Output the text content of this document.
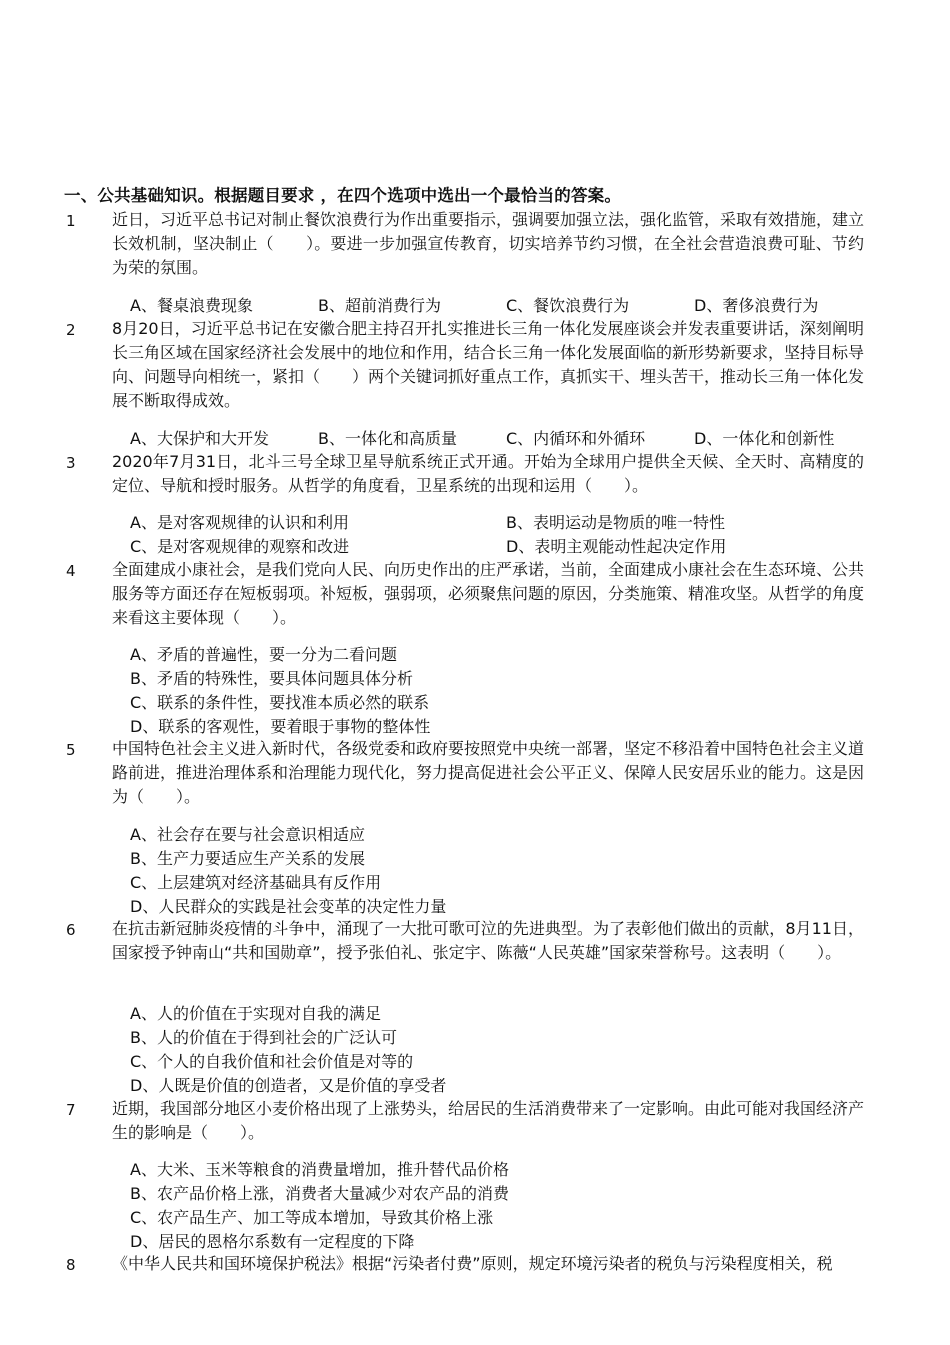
一、公共基础知识。根据题目要求 ，在四个选项中选出一个最恰当的答案。
1 近日，习近平总书记对制止餐饮浪费行为作出重要指示，强调要加强立法，强化监管，采取有效措施，建立长效机制，坚决制止（　　）。要进一步加强宣传教育，切实培养节约习惯，在全社会营造浪费可耻、节约为荣的氛围。
A、餐桌浪费现象	B、超前消费行为	C、餐饮浪费行为	D、奢侈浪费行为
2 8月20日，习近平总书记在安徽合肥主持召开扎实推进长三角一体化发展座谈会并发表重要讲话，深刻阐明长三角区域在国家经济社会发展中的地位和作用，结合长三角一体化发展面临的新形势新要求，坚持目标导向、问题导向相统一，紧扣（　　）两个关键词抓好重点工作，真抓实干、埋头苦干，推动长三角一体化发展不断取得成效。
A、大保护和大开发	B、一体化和高质量	C、内循环和外循环	D、一体化和创新性
3 2020年7月31日，北斗三号全球卫星导航系统正式开通。开始为全球用户提供全天候、全天时、高精度的定位、导航和授时服务。从哲学的角度看，卫星系统的出现和运用（　　）。
A、是对客观规律的认识和利用	B、表明运动是物质的唯一特性
C、是对客观规律的观察和改进	D、表明主观能动性起决定作用
4 全面建成小康社会，是我们党向人民、向历史作出的庄严承诺，当前，全面建成小康社会在生态环境、公共服务等方面还存在短板弱项。补短板，强弱项，必须聚焦问题的原因，分类施策、精准攻坚。从哲学的角度来看这主要体现（　　）。
A、矛盾的普遍性，要一分为二看问题
B、矛盾的特殊性，要具体问题具体分析
C、联系的条件性，要找准本质必然的联系
D、联系的客观性，要着眼于事物的整体性
5 中国特色社会主义进入新时代，各级党委和政府要按照党中央统一部署，坚定不移沿着中国特色社会主义道路前进，推进治理体系和治理能力现代化，努力提高促进社会公平正义、保障人民安居乐业的能力。这是因为（　　）。
A、社会存在要与社会意识相适应
B、生产力要适应生产关系的发展
C、上层建筑对经济基础具有反作用
D、人民群众的实践是社会变革的决定性力量
6 在抗击新冠肺炎疫情的斗争中，涌现了一大批可歌可泣的先进典型。为了表彰他们做出的贡献，8月11日，国家授予钟南山“共和国勋章”，授予张伯礼、张定宇、陈薇“人民英雄”国家荣誉称号。这表明（　　）。
A、人的价值在于实现对自我的满足
B、人的价值在于得到社会的广泛认可
C、个人的自我价值和社会价值是对等的
D、人既是价值的创造者，又是价值的享受者
7 近期，我国部分地区小麦价格出现了上涨势头，给居民的生活消费带来了一定影响。由此可能对我国经济产生的影响是（　　）。
A、大米、玉米等粮食的消费量增加，推升替代品价格
B、农产品价格上涨，消费者大量减少对农产品的消费
C、农产品生产、加工等成本增加，导致其价格上涨
D、居民的恩格尔系数有一定程度的下降
8 《中华人民共和国环境保护税法》根据“污染者付费”原则，规定环境污染者的税负与污染程度相关，税
